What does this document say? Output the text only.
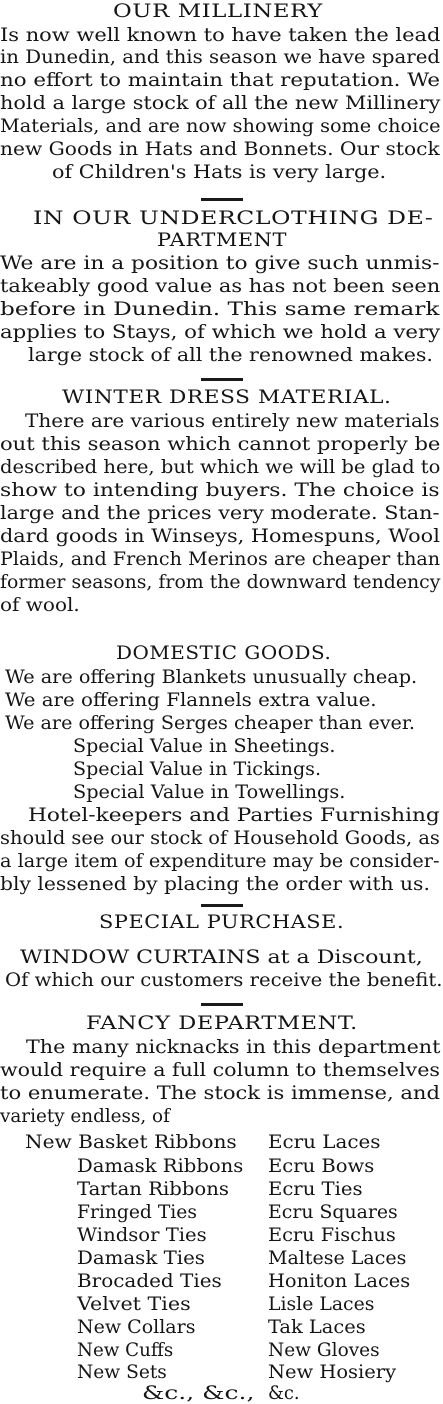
OUR MILLINERY
Is now well known to have taken the lead
in Dunedin, and this season we have spared
no effort to maintain that reputation. We
hold a large stock of all the new Millinery
Materials, and are now showing some choice
new Goods in Hats and Bonnets. Our stock
of Children's Hats is very large.
IN OUR UNDERCLOTHING DE-
PARTMENT
We are in a position to give such unmis-
takeably good value as has not been seen
before in Dunedin. This same remark
applies to Stays, of which we hold a very
large stock of all the renowned makes.
WINTER DRESS MATERIAL.
There are various entirely new materials
out this season which cannot properly be
described here, but which we will be glad to
show to intending buyers. The choice is
large and the prices very moderate. Stan-
dard goods in Winseys, Homespuns, Wool
Plaids, and French Merinos are cheaper than
former seasons, from the downward tendency
of wool.
DOMESTIC GOODS.
We are offering Blankets unusually cheap.
We are offering Flannels extra value.
We are offering Serges cheaper than ever.
Special Value in Sheetings.
Special Value in Tickings.
Special Value in Towellings.
Hotel-keepers and Parties Furnishing
should see our stock of Household Goods, as
a large item of expenditure may be consider-
bly lessened by placing the order with us.
SPECIAL PURCHASE.
WINDOW CURTAINS at a Discount,
Of which our customers receive the benefit.
FANCY DEPARTMENT.
The many nicknacks in this department
would require a full column to themselves
to enumerate. The stock is immense, and
variety endless, of
New Basket Ribbons
Damask Ribbons
Tartan Ribbons
Fringed Ties
Windsor Ties
Damask Ties
Brocaded Ties
Velvet Ties
New Collars
New Cuffs
New Sets
&c., &c.,
Ecru Laces
Ecru Bows
Ecru Ties
Ecru Squares
Ecru Fischus
Maltese Laces
Honiton Laces
Lisle Laces
Tak Laces
New Gloves
New Hosiery
&c.
